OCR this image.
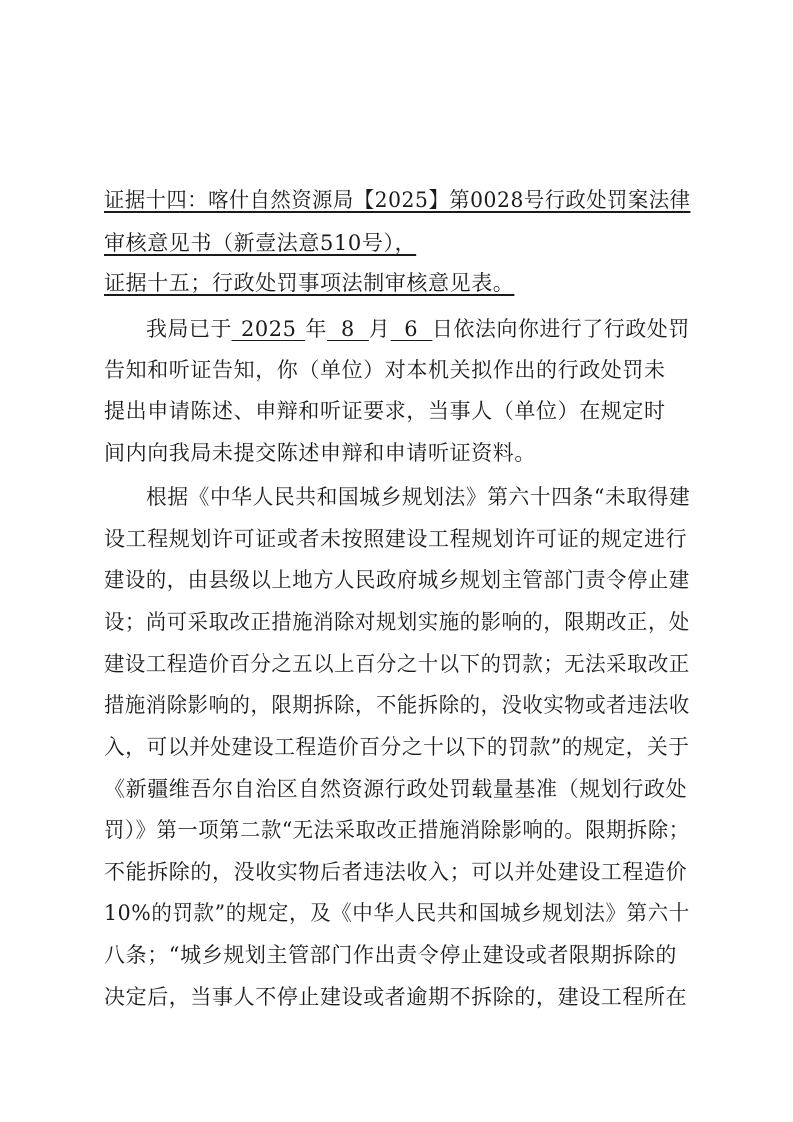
证据十四：喀什自然资源局【2025】第0028号行政处罚案法律
审核意见书（新壹法意510号），
证据十五；行政处罚事项法制审核意见表。
我局已于 2025 年 8 月 6 日依法向你进行了行政处罚
告知和听证告知，你（单位）对本机关拟作出的行政处罚未
提出申请陈述、申辩和听证要求，当事人（单位）在规定时
间内向我局未提交陈述申辩和申请听证资料。
根据《中华人民共和国城乡规划法》第六十四条“未取得建
设工程规划许可证或者未按照建设工程规划许可证的规定进行
建设的，由县级以上地方人民政府城乡规划主管部门责令停止建
设；尚可采取改正措施消除对规划实施的影响的，限期改正，处
建设工程造价百分之五以上百分之十以下的罚款；无法采取改正
措施消除影响的，限期拆除，不能拆除的，没收实物或者违法收
入，可以并处建设工程造价百分之十以下的罚款”的规定，关于
《新疆维吾尔自治区自然资源行政处罚载量基准（规划行政处
罚）》第一项第二款“无法采取改正措施消除影响的。限期拆除；
不能拆除的，没收实物后者违法收入；可以并处建设工程造价
10%的罚款”的规定，及《中华人民共和国城乡规划法》第六十
八条；“城乡规划主管部门作出责令停止建设或者限期拆除的
决定后，当事人不停止建设或者逾期不拆除的，建设工程所在
